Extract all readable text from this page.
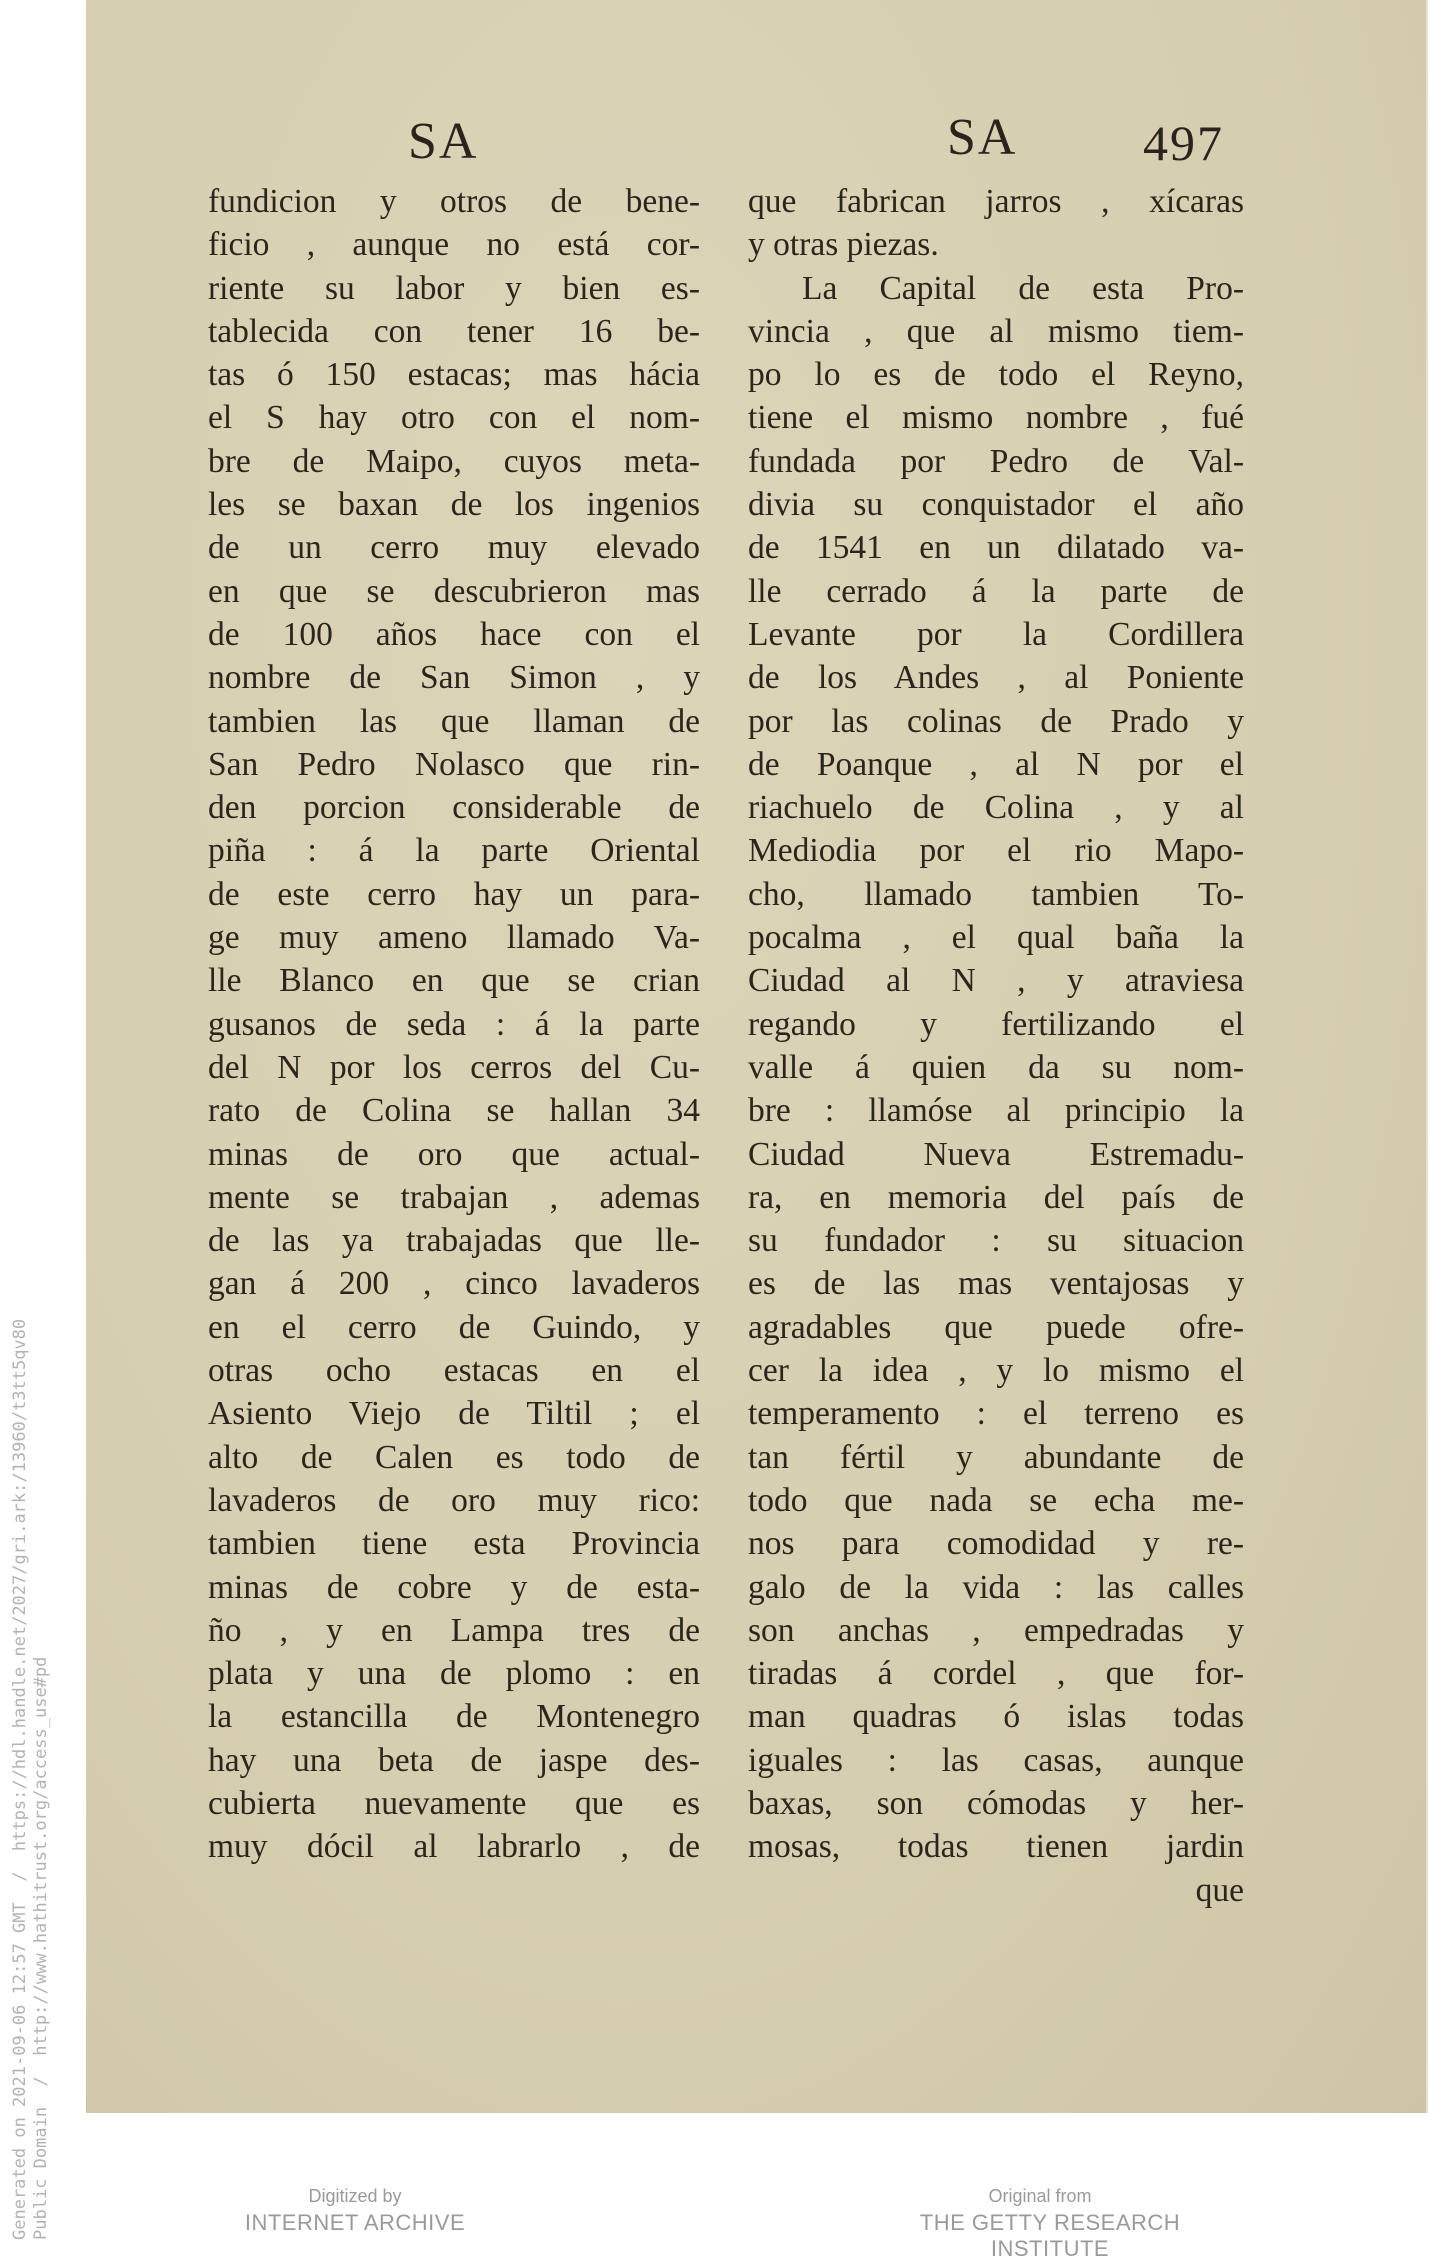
Generated on 2021-09-06 12:57 GMT  /  https://hdl.handle.net/2027/gri.ark:/13960/t3tt5qv80
Public Domain  /  http://www.hathitrust.org/access_use#pd
SA	SA	497
fundicion y otros de bene-
ficio , aunque no está cor-
riente su labor y bien es-
tablecida con tener 16 be-
tas ó 150 estacas; mas hácia
el S hay otro con el nom-
bre de Maipo, cuyos meta-
les se baxan de los ingenios
de un cerro muy elevado
en que se descubrieron mas
de 100 años hace con el
nombre de San Simon , y
tambien las que llaman de
San Pedro Nolasco que rin-
den porcion considerable de
piña : á la parte Oriental
de este cerro hay un para-
ge muy ameno llamado Va-
lle Blanco en que se crian
gusanos de seda : á la parte
del N por los cerros del Cu-
rato de Colina se hallan 34
minas de oro que actual-
mente se trabajan , ademas
de las ya trabajadas que lle-
gan á 200 , cinco lavaderos
en el cerro de Guindo, y
otras ocho estacas en el
Asiento Viejo de Tiltil ; el
alto de Calen es todo de
lavaderos de oro muy rico:
tambien tiene esta Provincia
minas de cobre y de esta-
ño , y en Lampa tres de
plata y una de plomo : en
la estancilla de Montenegro
hay una beta de jaspe des-
cubierta nuevamente que es
muy dócil al labrarlo , de
que fabrican jarros , xícaras
y otras piezas.
La Capital de esta Pro-
vincia , que al mismo tiem-
po lo es de todo el Reyno,
tiene el mismo nombre , fué
fundada por Pedro de Val-
divia su conquistador el año
de 1541 en un dilatado va-
lle cerrado á la parte de
Levante por la Cordillera
de los Andes , al Poniente
por las colinas de Prado y
de Poanque , al N por el
riachuelo de Colina , y al
Mediodia por el rio Mapo-
cho, llamado tambien To-
pocalma , el qual baña la
Ciudad al N , y atraviesa
regando y fertilizando el
valle á quien da su nom-
bre : llamóse al principio la
Ciudad Nueva Estremadu-
ra, en memoria del país de
su fundador : su situacion
es de las mas ventajosas y
agradables que puede ofre-
cer la idea , y lo mismo el
temperamento : el terreno es
tan fértil y abundante de
todo que nada se echa me-
nos para comodidad y re-
galo de la vida : las calles
son anchas , empedradas y
tiradas á cordel , que for-
man quadras ó islas todas
iguales : las casas, aunque
baxas, son cómodas y her-
mosas, todas tienen jardin
que
Digitized by
INTERNET ARCHIVE
Original from
THE GETTY RESEARCH INSTITUTE
